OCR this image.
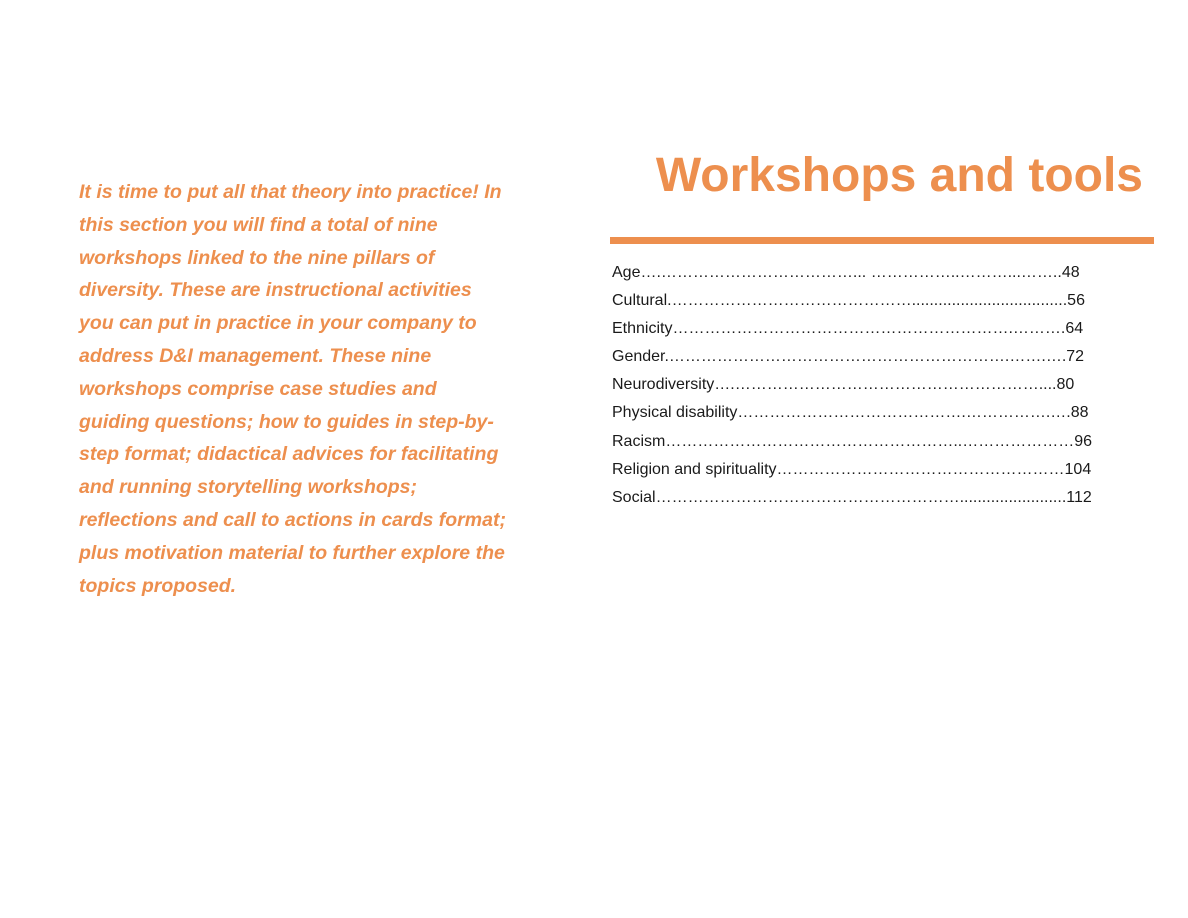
It is time to put all that theory into practice! In this section you will find a total of nine workshops linked to the nine pillars of diversity. These are instructional activities you can put in practice in your company to address D&I management. These nine workshops comprise case studies and guiding questions; how to guides in step-by-step format; didactical advices for facilitating and running storytelling workshops; reflections and call to actions in cards format; plus motivation material to further explore the topics proposed.

Workshops and tools
Age….………………………………... ……………..………...……..48
Cultural.………………………………………...................................56
Ethnicity……………………………………………………….……….64
Gender.……………………………………………………….…….….72
Neurodiversity….…………………………………………………....80
Physical disability…………………………………….…………….….88
Racism………………………………………………..…………………96
Religion and spirituality………………………………………………104
Social…………………………………………………........................112
